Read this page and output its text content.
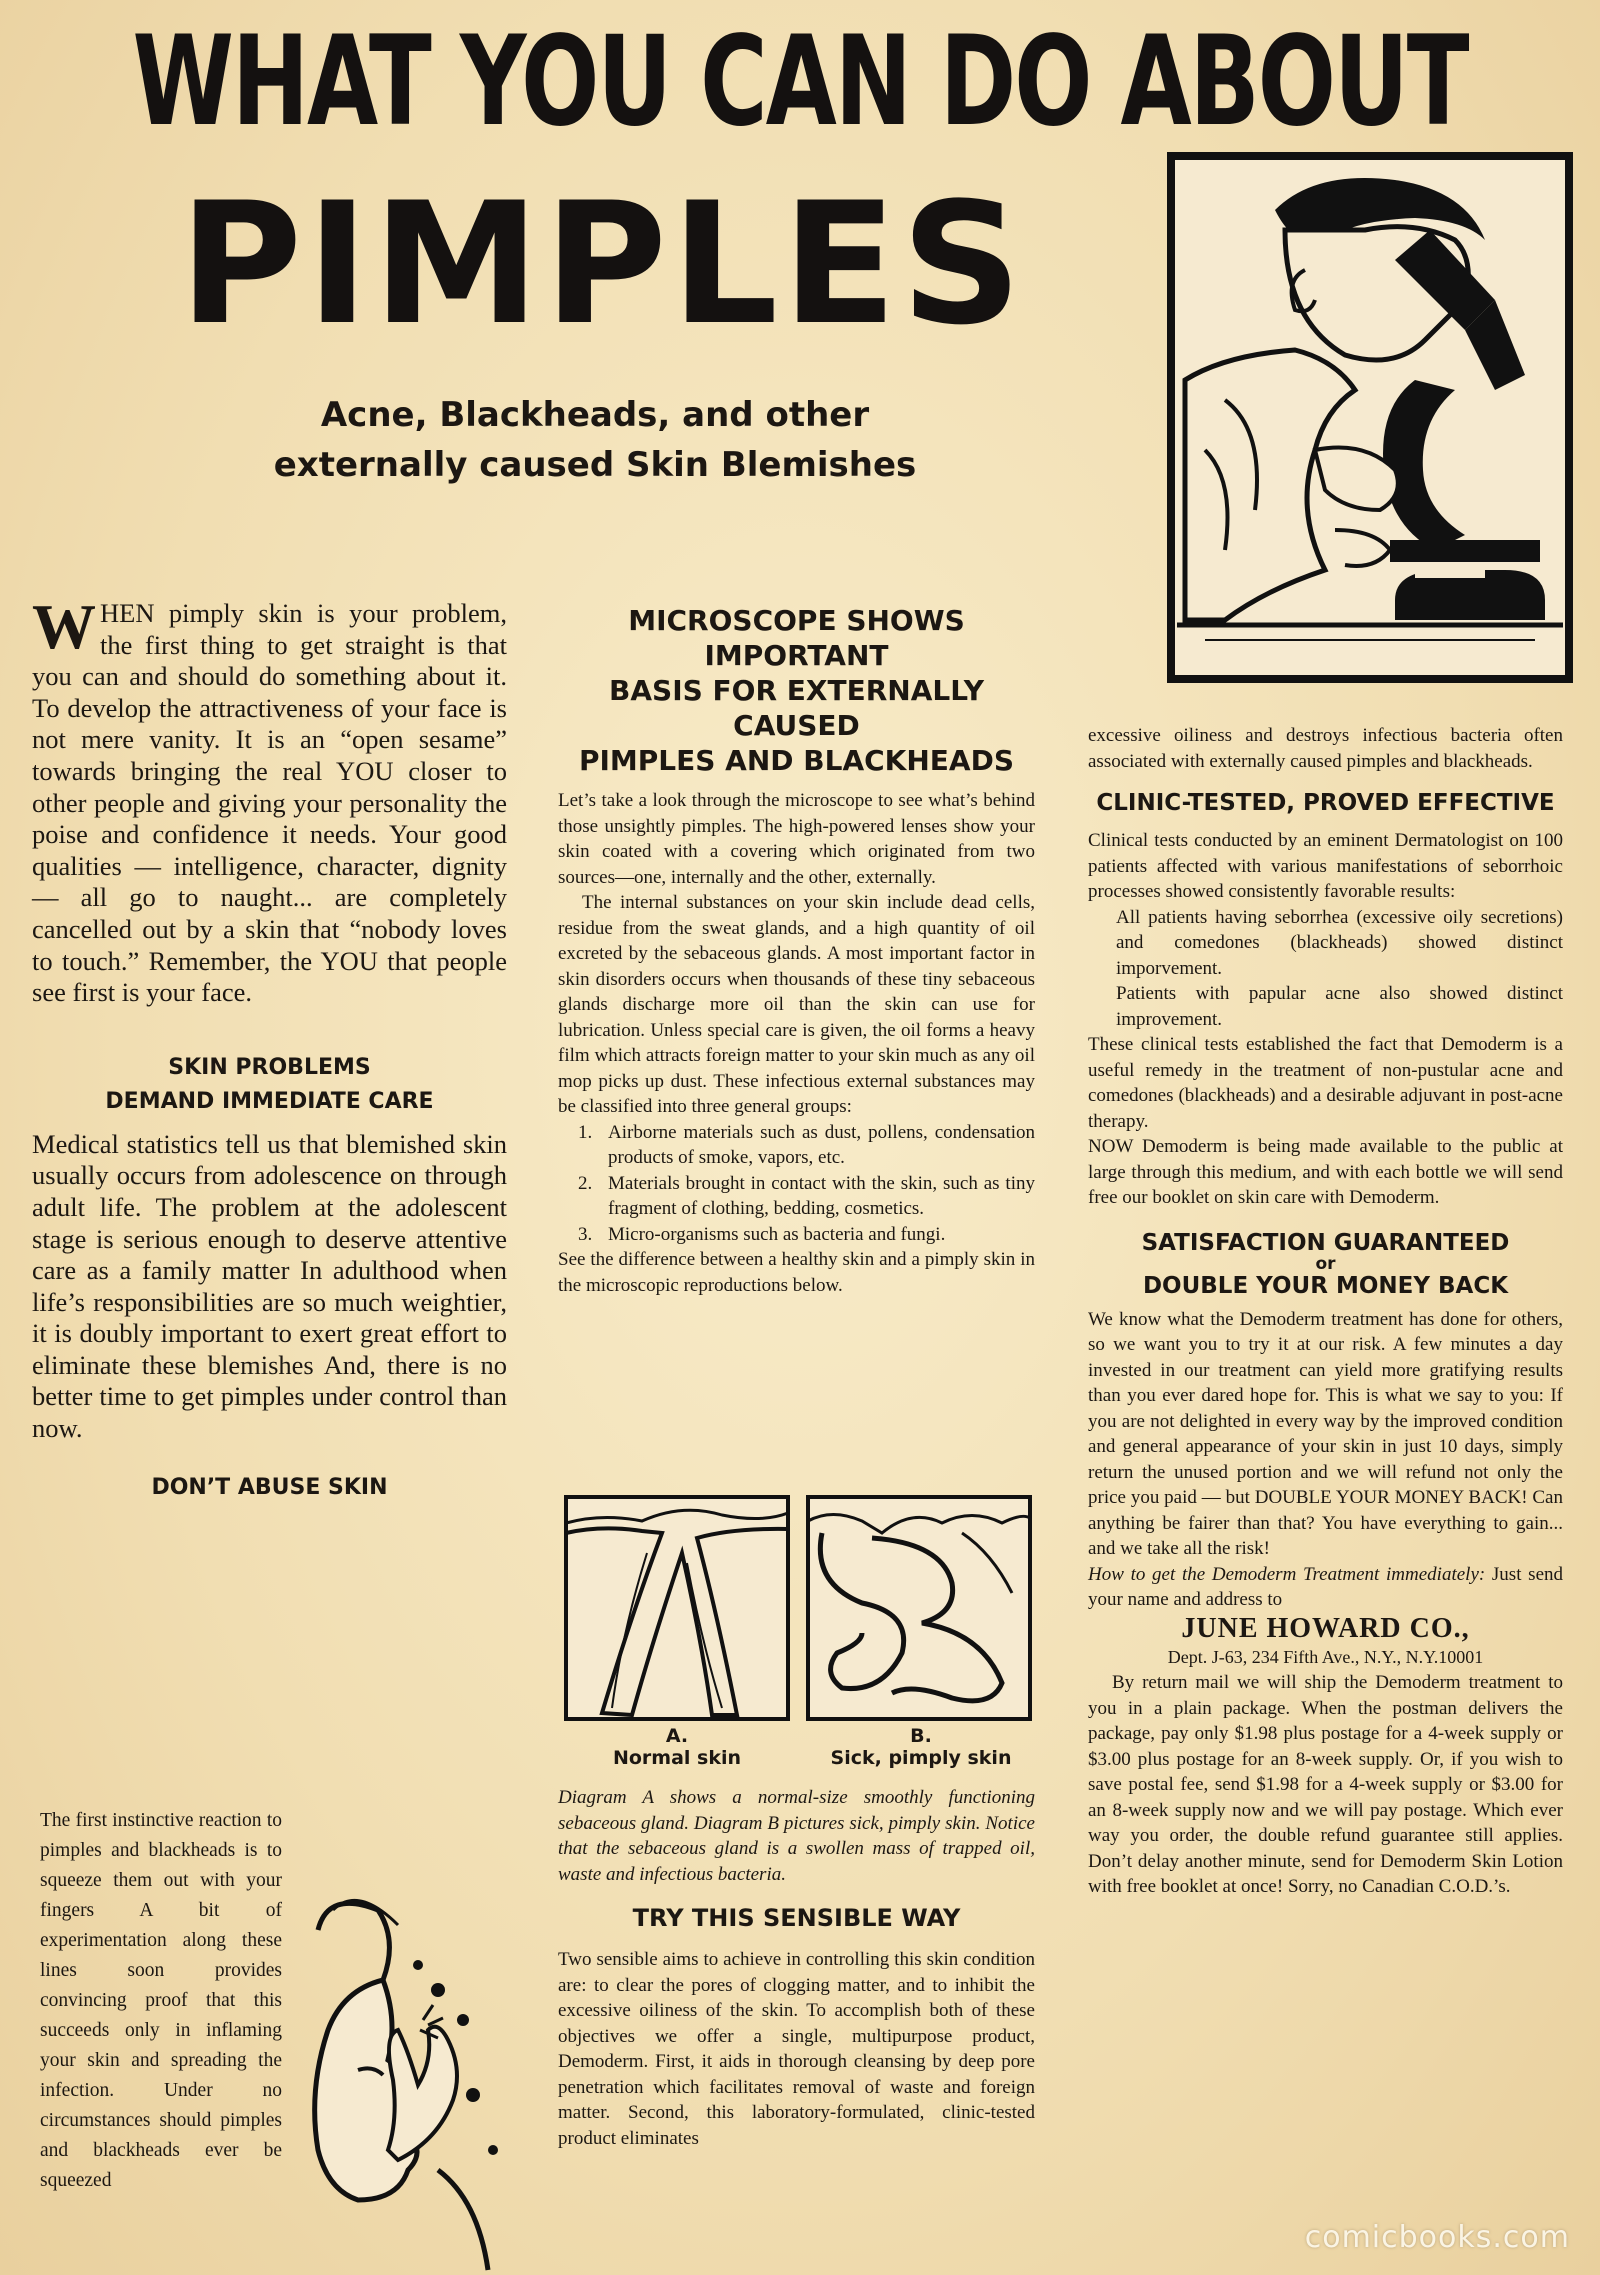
WHAT YOU CAN DO ABOUT
PIMPLES
Acne, Blackheads, and other
externally caused Skin Blemishes

WHEN pimply skin is your problem, the first thing to get straight is that you can and should do something about it. To develop the attractiveness of your face is not mere vanity. It is an “open sesame” towards bringing the real YOU closer to other people and giving your personality the poise and confidence it needs. Your good qualities — intelligence, character, dignity — all go to naught... are completely cancelled out by a skin that “nobody loves to touch.” Remember, the YOU that people see first is your face.

SKIN PROBLEMS
DEMAND IMMEDIATE CARE

Medical statistics tell us that blemished skin usually occurs from adolescence on through adult life. The problem at the adolescent stage is serious enough to deserve attentive care as a family matter In adulthood when life’s responsibilities are so much weightier, it is doubly important to exert great effort to eliminate these blemishes And, there is no better time to get pimples under control than now.

DON’T ABUSE SKIN

The first instinctive reaction to pimples and blackheads is to squeeze them out with your fingers A bit of experimentation along these lines soon provides convincing proof that this succeeds only in inflaming your skin and spreading the infection. Under no circumstances should pimples and blackheads ever be squeezed

MICROSCOPE SHOWS IMPORTANT
BASIS FOR EXTERNALLY CAUSED
PIMPLES AND BLACKHEADS

Let’s take a look through the microscope to see what’s behind those unsightly pimples. The high-powered lenses show your skin coated with a covering which originated from two sources—one, internally and the other, externally.

The internal substances on your skin include dead cells, residue from the sweat glands, and a high quantity of oil excreted by the sebaceous glands. A most important factor in skin disorders occurs when thousands of these tiny sebaceous glands discharge more oil than the skin can use for lubrication. Unless special care is given, the oil forms a heavy film which attracts foreign matter to your skin much as any oil mop picks up dust. These infectious external substances may be classified into three general groups:

1. Airborne materials such as dust, pollens, condensation products of smoke, vapors, etc.
2. Materials brought in contact with the skin, such as tiny fragment of clothing, bedding, cosmetics.
3. Micro-organisms such as bacteria and fungi.

See the difference between a healthy skin and a pimply skin in the microscopic reproductions below.

A.
Normal skin
B.
Sick, pimply skin

Diagram A shows a normal-size smoothly functioning sebaceous gland. Diagram B pictures sick, pimply skin. Notice that the sebaceous gland is a swollen mass of trapped oil, waste and infectious bacteria.

TRY THIS SENSIBLE WAY

Two sensible aims to achieve in controlling this skin condition are: to clear the pores of clogging matter, and to inhibit the excessive oiliness of the skin. To accomplish both of these objectives we offer a single, multipurpose product, Demoderm. First, it aids in thorough cleansing by deep pore penetration which facilitates removal of waste and foreign matter. Second, this laboratory-formulated, clinic-tested product eliminates

excessive oiliness and destroys infectious bacteria often associated with externally caused pimples and blackheads.

CLINIC-TESTED, PROVED EFFECTIVE

Clinical tests conducted by an eminent Dermatologist on 100 patients affected with various manifestations of seborrhoic processes showed consistently favorable results:

All patients having seborrhea (excessive oily secretions) and comedones (blackheads) showed distinct imporvement.

Patients with papular acne also showed distinct improvement.

These clinical tests established the fact that Demoderm is a useful remedy in the treatment of non-pustular acne and comedones (blackheads) and a desirable adjuvant in post-acne therapy.

NOW Demoderm is being made available to the public at large through this medium, and with each bottle we will send free our booklet on skin care with Demoderm.

SATISFACTION GUARANTEED
or
DOUBLE YOUR MONEY BACK

We know what the Demoderm treatment has done for others, so we want you to try it at our risk. A few minutes a day invested in our treatment can yield more gratifying results than you ever dared hope for. This is what we say to you: If you are not delighted in every way by the improved condition and general appearance of your skin in just 10 days, simply return the unused portion and we will refund not only the price you paid — but DOUBLE YOUR MONEY BACK! Can anything be fairer than that? You have everything to gain... and we take all the risk!

How to get the Demoderm Treatment immediately: Just send your name and address to

JUNE HOWARD CO.,

Dept. J-63, 234 Fifth Ave., N.Y., N.Y.10001

By return mail we will ship the Demoderm treatment to you in a plain package. When the postman delivers the package, pay only $1.98 plus postage for a 4-week supply or $3.00 plus postage for an 8-week supply. Or, if you wish to save postal fee, send $1.98 for a 4-week supply or $3.00 for an 8-week supply now and we will pay postage. Which ever way you order, the double refund guarantee still applies. Don’t delay another minute, send for Demoderm Skin Lotion with free booklet at once! Sorry, no Canadian C.O.D.’s.

comicbooks.com
